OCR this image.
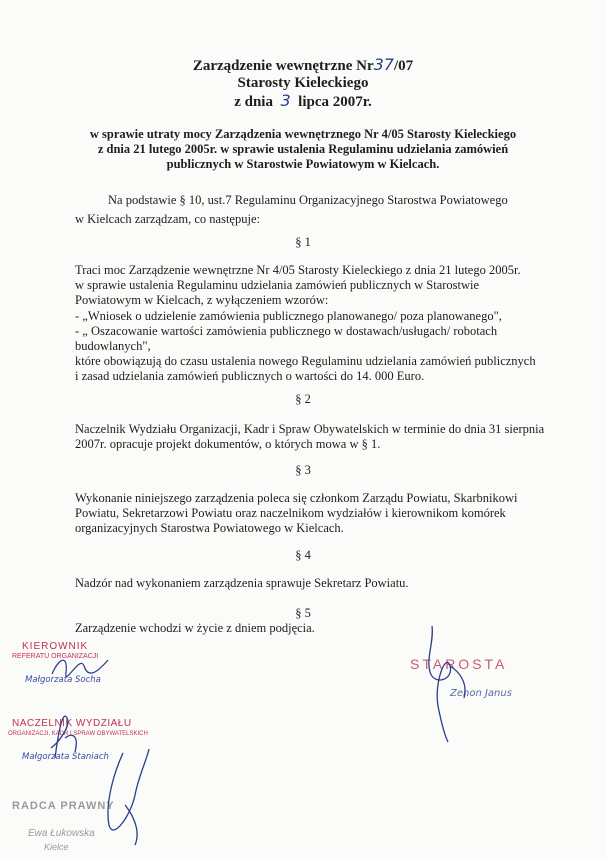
Zarządzenie wewnętrzne Nr37/07
Starosty Kieleckiego
z dnia 3 lipca 2007r.
w sprawie utraty mocy Zarządzenia wewnętrznego Nr 4/05 Starosty Kieleckiego
z dnia 21 lutego 2005r. w sprawie ustalenia Regulaminu udzielania zamówień
publicznych w Starostwie Powiatowym w Kielcach.
Na podstawie § 10, ust.7 Regulaminu Organizacyjnego Starostwa Powiatowego
w Kielcach zarządzam, co następuje:
§ 1
Traci moc Zarządzenie wewnętrzne Nr 4/05 Starosty Kieleckiego z dnia 21 lutego 2005r.
w sprawie ustalenia Regulaminu udzielania zamówień publicznych w Starostwie
Powiatowym w Kielcach, z wyłączeniem wzorów:
- „Wniosek o udzielenie zamówienia publicznego planowanego/ poza planowanego",
- „ Oszacowanie wartości zamówienia publicznego w dostawach/usługach/ robotach
budowlanych",
które obowiązują do czasu ustalenia nowego Regulaminu udzielania zamówień publicznych
i zasad udzielania zamówień publicznych o wartości do 14. 000 Euro.
§ 2
Naczelnik Wydziału Organizacji, Kadr i Spraw Obywatelskich w terminie do dnia 31 sierpnia
2007r. opracuje projekt dokumentów, o których mowa w § 1.
§ 3
Wykonanie niniejszego zarządzenia poleca się członkom Zarządu Powiatu, Skarbnikowi
Powiatu, Sekretarzowi Powiatu oraz naczelnikom wydziałów i kierownikom komórek
organizacyjnych Starostwa Powiatowego w Kielcach.
§ 4
Nadzór nad wykonaniem zarządzenia sprawuje Sekretarz Powiatu.
§ 5
Zarządzenie wchodzi w życie z dniem podjęcia.
KIEROWNIK
REFERATU ORGANIZACJI
Małgorzata Socha
NACZELNIK WYDZIAŁU
ORGANIZACJI, KADR I SPRAW OBYWATELSKICH
Małgorzata Staniach
RADCA PRAWNY
Ewa Łukowska
Kielce
STAROSTA
Zenon Janus
